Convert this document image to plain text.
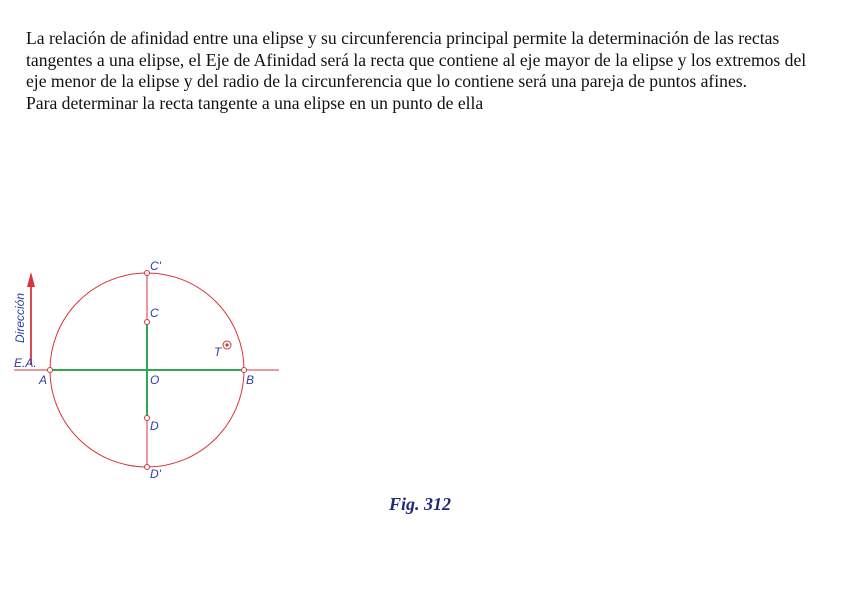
La relación de afinidad entre una elipse y su circunferencia principal permite la determinación de las rectas tangentes a una elipse, el Eje de Afinidad será la recta que contiene al eje mayor de la elipse y los extremos del eje menor de la elipse y del radio de la circunferencia que lo contiene será una pareja de puntos afines.

Para determinar la recta tangente a una elipse en un punto de ella

Dirección
E.A.
A	B
O
C
C'
D
D'
T
Fig. 312
